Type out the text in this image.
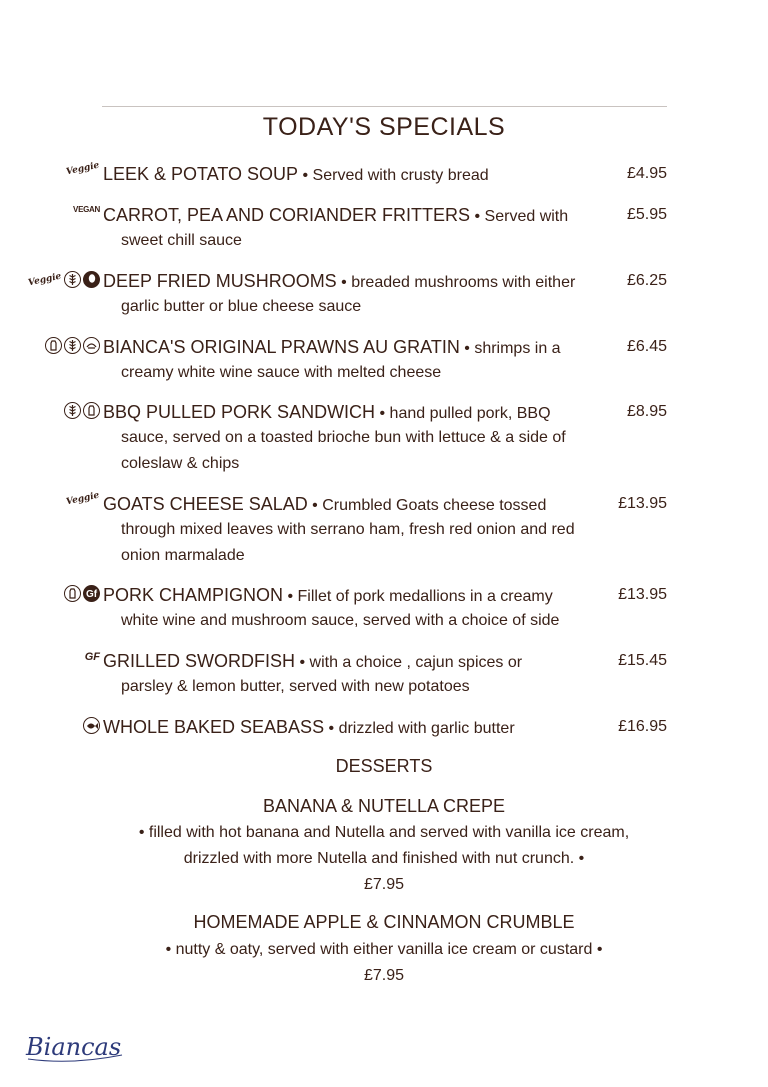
TODAY'S SPECIALS
Veggie LEEK & POTATO SOUP • Served with crusty bread	£4.95
VEGAN CARROT, PEA AND CORIANDER FRITTERS • Served with
sweet chill sauce
£5.95
Veggie DEEP FRIED MUSHROOMS • breaded mushrooms with either
garlic butter or blue cheese sauce
£6.25
BIANCA'S ORIGINAL PRAWNS AU GRATIN • shrimps in a
creamy white wine sauce with melted cheese
£6.45
BBQ PULLED PORK SANDWICH • hand pulled pork, BBQ
sauce, served on a toasted brioche bun with lettuce & a side of
coleslaw & chips
£8.95
Veggie GOATS CHEESE SALAD • Crumbled Goats cheese tossed
through mixed leaves with serrano ham, fresh red onion and red
onion marmalade
£13.95
Gf PORK CHAMPIGNON • Fillet of pork medallions in a creamy
white wine and mushroom sauce, served with a choice of side
£13.95
GF GRILLED SWORDFISH • with a choice , cajun spices or
parsley & lemon butter, served with new potatoes
£15.45
WHOLE BAKED SEABASS • drizzled with garlic butter	£16.95
DESSERTS
BANANA & NUTELLA CREPE
• filled with hot banana and Nutella and served with vanilla ice cream,
drizzled with more Nutella and finished with nut crunch. •
£7.95
HOMEMADE APPLE & CINNAMON CRUMBLE
• nutty & oaty, served with either vanilla ice cream or custard •
£7.95
Biancas
